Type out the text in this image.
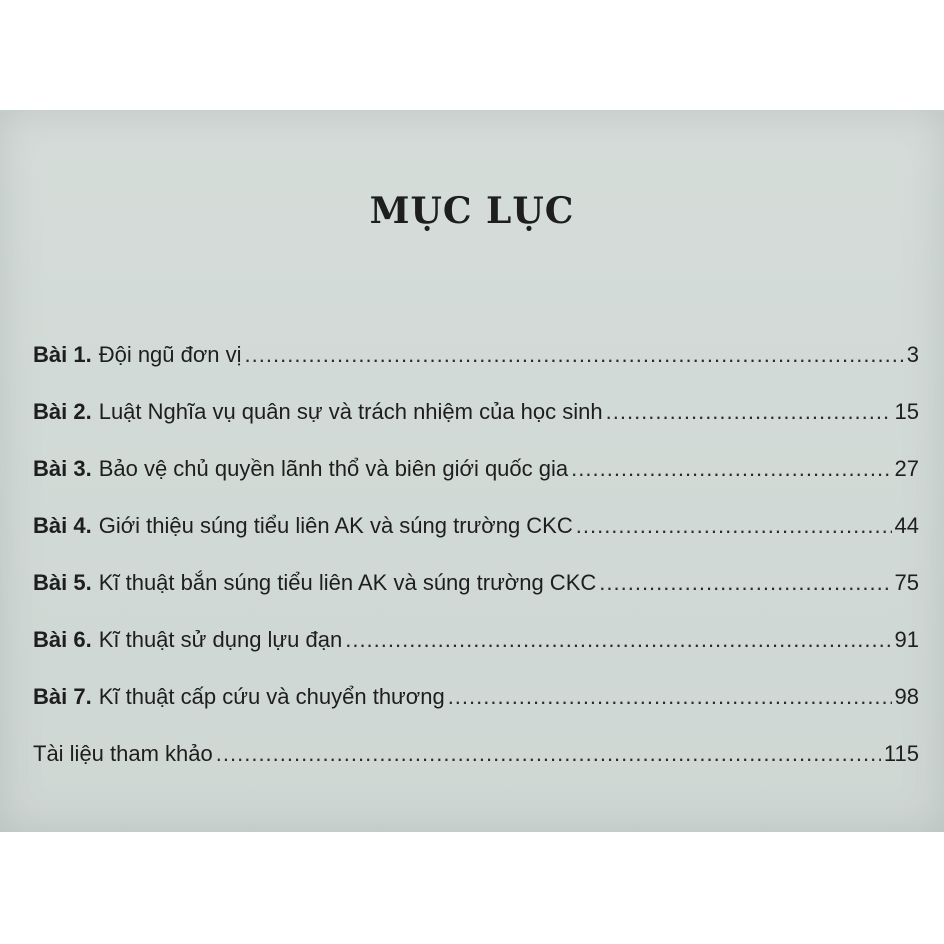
MỤC LỤC
Bài 1. Đội ngũ đơn vị .....	3
Bài 2. Luật Nghĩa vụ quân sự và trách nhiệm của học sinh .....	15
Bài 3. Bảo vệ chủ quyền lãnh thổ và biên giới quốc gia .....	27
Bài 4. Giới thiệu súng tiểu liên AK và súng trường CKC .....	44
Bài 5. Kĩ thuật bắn súng tiểu liên AK và súng trường CKC .....	75
Bài 6. Kĩ thuật sử dụng lựu đạn .....	91
Bài 7. Kĩ thuật cấp cứu và chuyển thương .....	98
Tài liệu tham khảo .....	115
